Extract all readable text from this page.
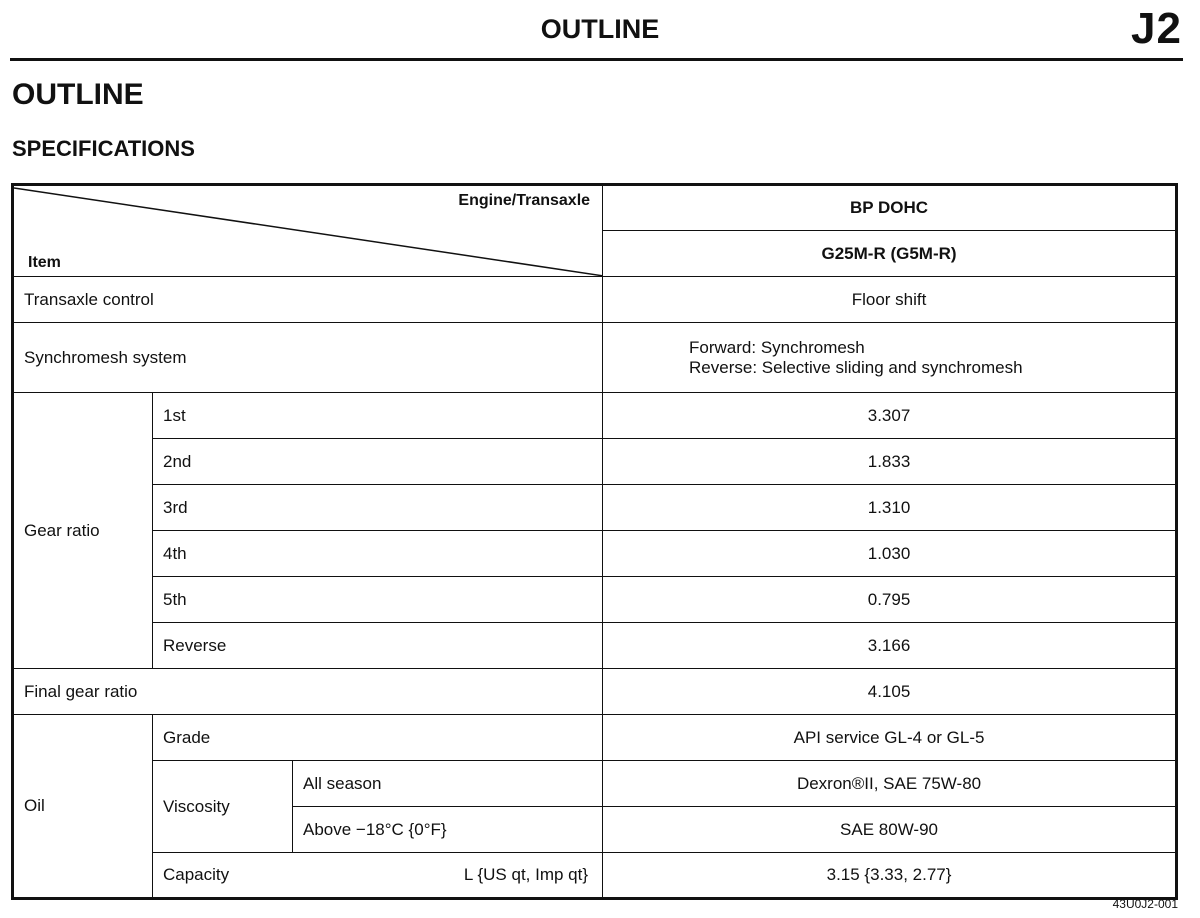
OUTLINE	J2
OUTLINE
SPECIFICATIONS
Engine/Transaxle
Item			BP DOHC
			G25M-R (G5M-R)
Transaxle control			Floor shift
Synchromesh system			Forward: Synchromesh
Reverse: Selective sliding and synchromesh

Gear ratio	1st		3.307
	2nd		1.833
	3rd		1.310
	4th		1.030
	5th		0.795
	Reverse		3.166
Final gear ratio			4.105
Oil	Grade		API service GL-4 or GL-5
	Viscosity	All season	Dexron®II, SAE 75W-80
		Above −18°C {0°F}	SAE 80W-90
	Capacity L {US qt, Imp qt}		3.15 {3.33, 2.77}
43U0J2-001
